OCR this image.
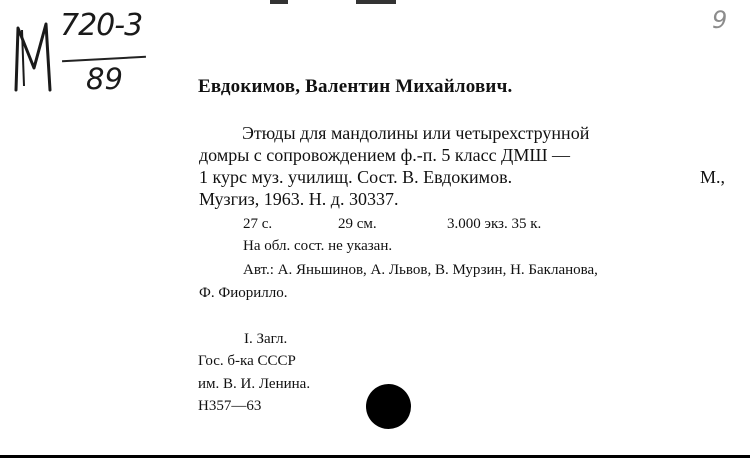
720-3
89
9
Евдокимов, Валентин Михайлович.
Этюды для мандолины или четырехструнной
домры с сопровождением ф.-п. 5 класс ДМШ —
1 курс муз. училищ. Сост. В. Евдокимов.	М.,
Музгиз, 1963. Н. д. 30337.
27 с.	29 см.	3.000 экз. 35 к.
На обл. сост. не указан.
Авт.: А. Яньшинов, А. Львов, В. Мурзин, Н. Бакланова,
Ф. Фиорилло.
I. Загл.
Гос. б-ка СССР
им. В. И. Ленина.
Н357—63
